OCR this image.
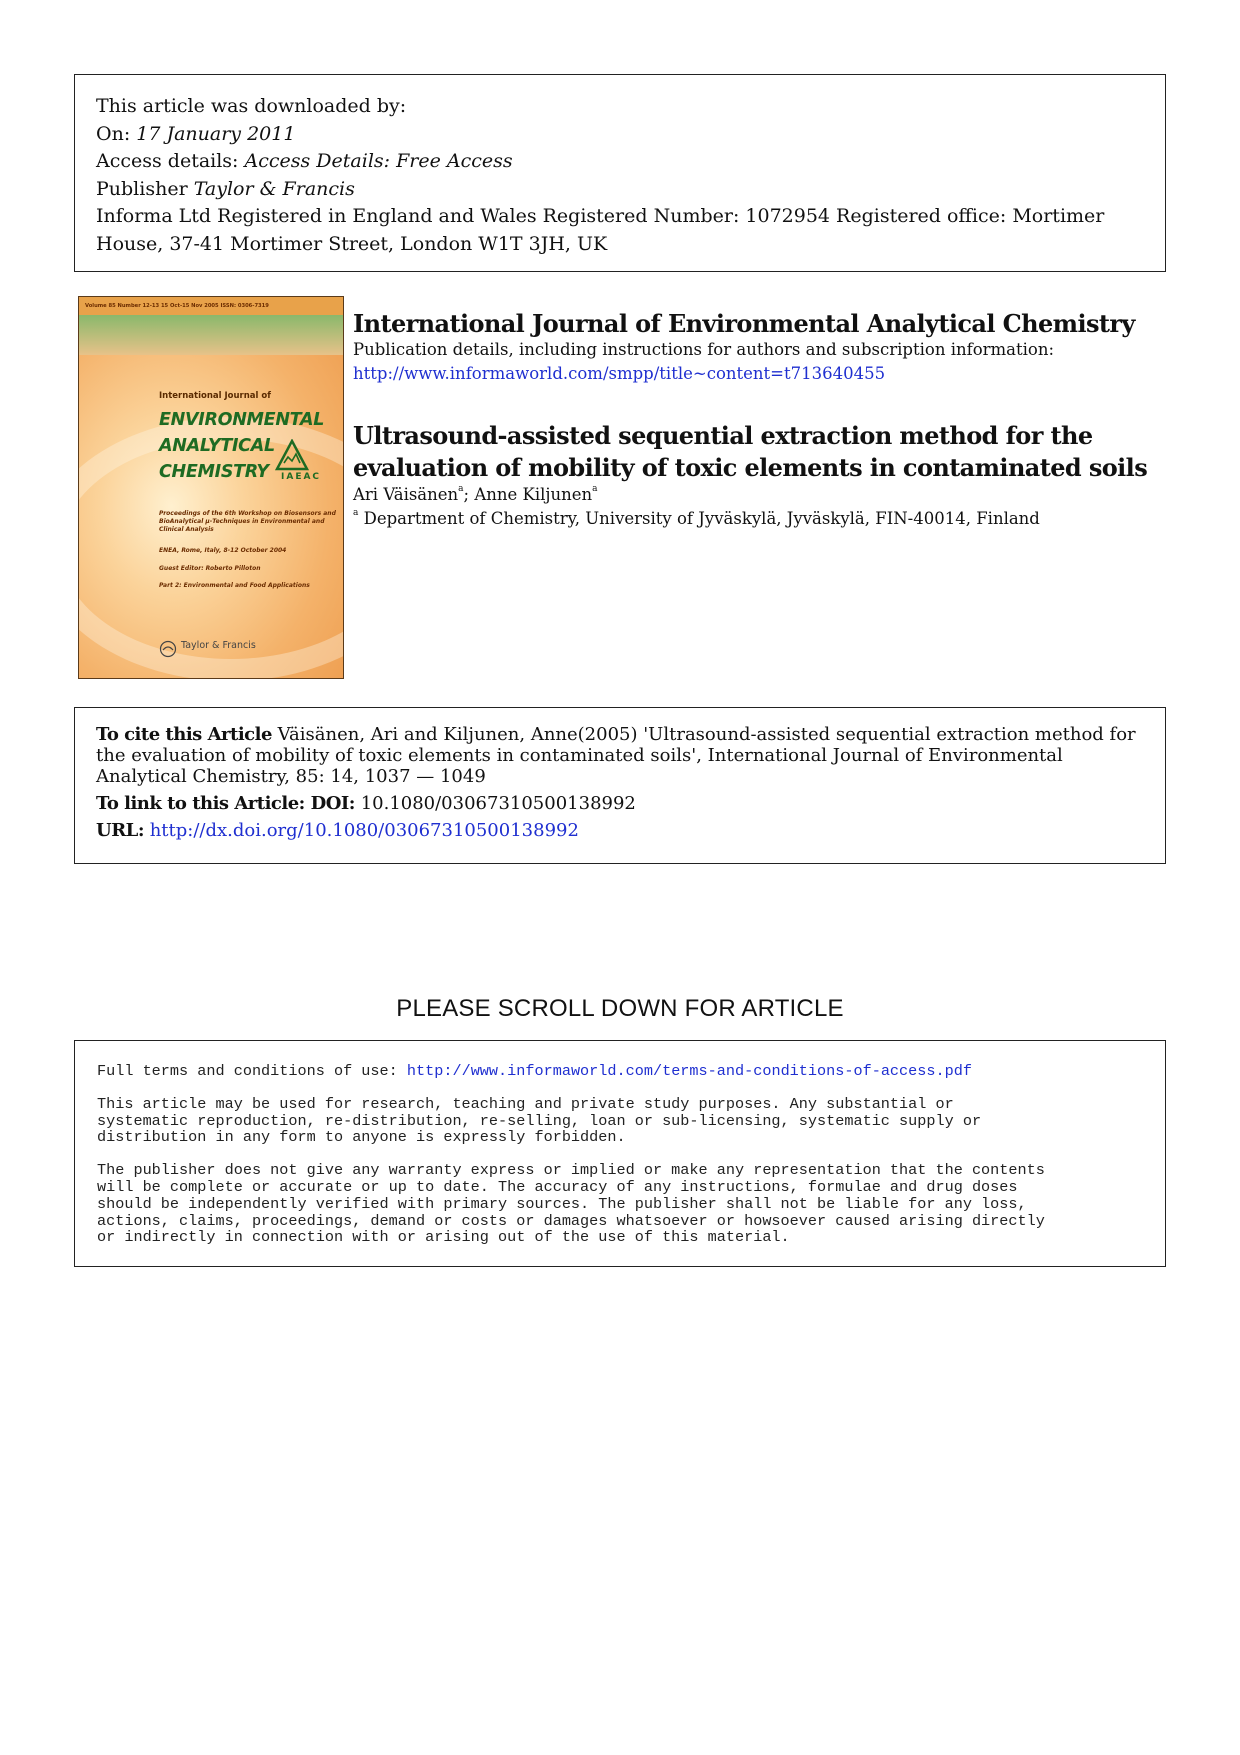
This article was downloaded by:
On: 17 January 2011
Access details: Access Details: Free Access
Publisher Taylor & Francis
Informa Ltd Registered in England and Wales Registered Number: 1072954 Registered office: Mortimer House, 37-41 Mortimer Street, London W1T 3JH, UK
Volume 85 Number 12-13 15 Oct-15 Nov 2005 ISSN: 0306-7319
International Journal of
ENVIRONMENTAL
ANALYTICAL
CHEMISTRY IAEAC
Proceedings of the 6th Workshop on Biosensors and BioAnalytical μ-Techniques in Environmental and Clinical Analysis
ENEA, Rome, Italy, 8-12 October 2004
Guest Editor: Roberto Pilloton
Part 2: Environmental and Food Applications
Taylor & Francis
International Journal of Environmental Analytical Chemistry
Publication details, including instructions for authors and subscription information:
http://www.informaworld.com/smpp/title~content=t713640455
Ultrasound-assisted sequential extraction method for the evaluation of mobility of toxic elements in contaminated soils
Ari Väisänen$^a$; Anne Kiljunen$^a$
$^a$ Department of Chemistry, University of Jyväskylä, Jyväskylä, FIN-40014, Finland
To cite this Article Väisänen, Ari and Kiljunen, Anne(2005) 'Ultrasound-assisted sequential extraction method for the evaluation of mobility of toxic elements in contaminated soils', International Journal of Environmental Analytical Chemistry, 85: 14, 1037 — 1049
To link to this Article: DOI: 10.1080/03067310500138992
URL: http://dx.doi.org/10.1080/03067310500138992
PLEASE SCROLL DOWN FOR ARTICLE

Full terms and conditions of use: http://www.informaworld.com/terms-and-conditions-of-access.pdf

This article may be used for research, teaching and private study purposes. Any substantial or
systematic reproduction, re-distribution, re-selling, loan or sub-licensing, systematic supply or
distribution in any form to anyone is expressly forbidden.

The publisher does not give any warranty express or implied or make any representation that the contents
will be complete or accurate or up to date. The accuracy of any instructions, formulae and drug doses
should be independently verified with primary sources. The publisher shall not be liable for any loss,
actions, claims, proceedings, demand or costs or damages whatsoever or howsoever caused arising directly
or indirectly in connection with or arising out of the use of this material.
